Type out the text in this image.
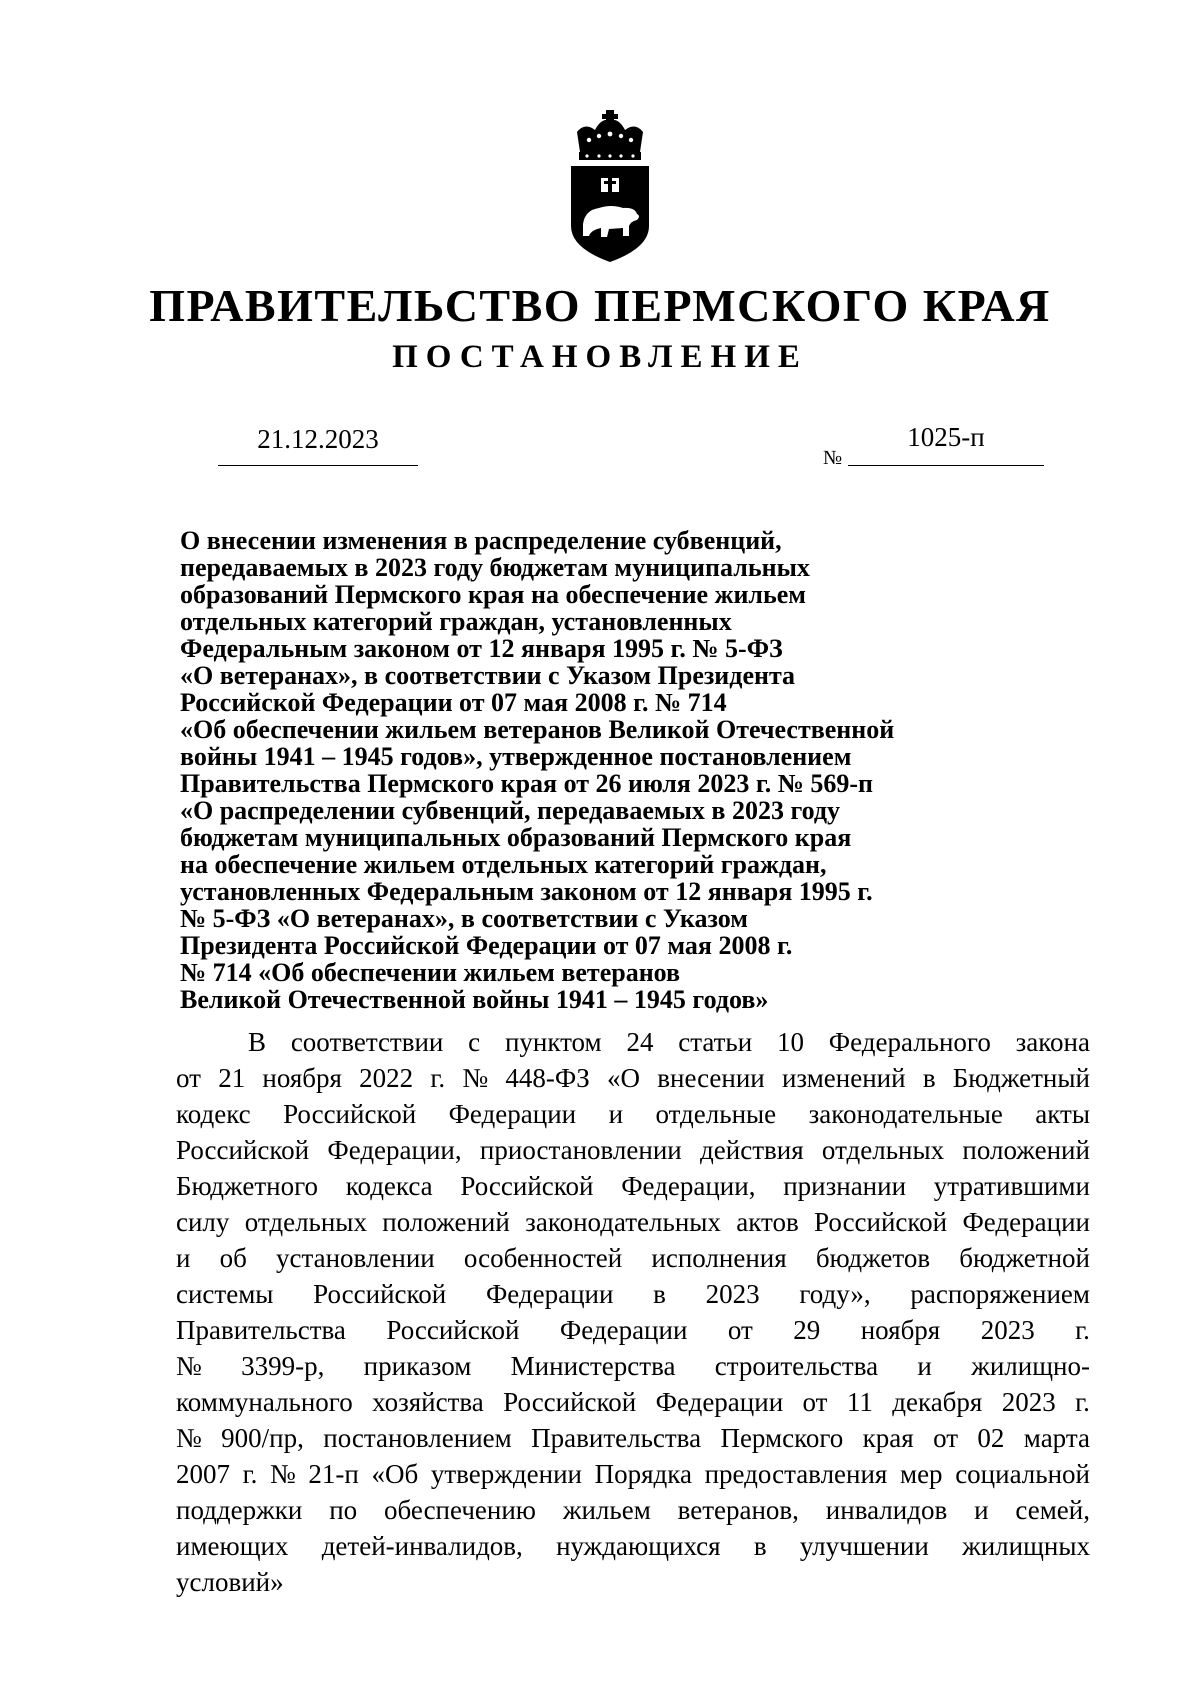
ПРАВИТЕЛЬСТВО ПЕРМСКОГО КРАЯ
ПОСТАНОВЛЕНИЕ
21.12.2023
№
1025-п
О внесении изменения в распределение субвенций,
передаваемых в 2023 году бюджетам муниципальных
образований Пермского края на обеспечение жильем
отдельных категорий граждан, установленных
Федеральным законом от 12 января 1995 г. № 5-ФЗ
«О ветеранах», в соответствии с Указом Президента
Российской Федерации от 07 мая 2008 г. № 714
«Об обеспечении жильем ветеранов Великой Отечественной
войны 1941 – 1945 годов», утвержденное постановлением
Правительства Пермского края от 26 июля 2023 г. № 569-п
«О распределении субвенций, передаваемых в 2023 году
бюджетам муниципальных образований Пермского края
на обеспечение жильем отдельных категорий граждан,
установленных Федеральным законом от 12 января 1995 г.
№ 5-ФЗ «О ветеранах», в соответствии с Указом
Президента Российской Федерации от 07 мая 2008 г.
№ 714 «Об обеспечении жильем ветеранов
Великой Отечественной войны 1941 – 1945 годов»
В соответствии с пунктом 24 статьи 10 Федерального закона
от 21 ноября 2022 г. № 448-ФЗ «О внесении изменений в Бюджетный
кодекс Российской Федерации и отдельные законодательные акты
Российской Федерации, приостановлении действия отдельных положений
Бюджетного кодекса Российской Федерации, признании утратившими
силу отдельных положений законодательных актов Российской Федерации
и об установлении особенностей исполнения бюджетов бюджетной
системы Российской Федерации в 2023 году», распоряжением
Правительства Российской Федерации от 29 ноября 2023 г.
№ 3399-р, приказом Министерства строительства и жилищно-
коммунального хозяйства Российской Федерации от 11 декабря 2023 г.
№ 900/пр, постановлением Правительства Пермского края от 02 марта
2007 г. № 21-п «Об утверждении Порядка предоставления мер социальной
поддержки по обеспечению жильем ветеранов, инвалидов и семей,
имеющих детей-инвалидов, нуждающихся в улучшении жилищных
условий»
